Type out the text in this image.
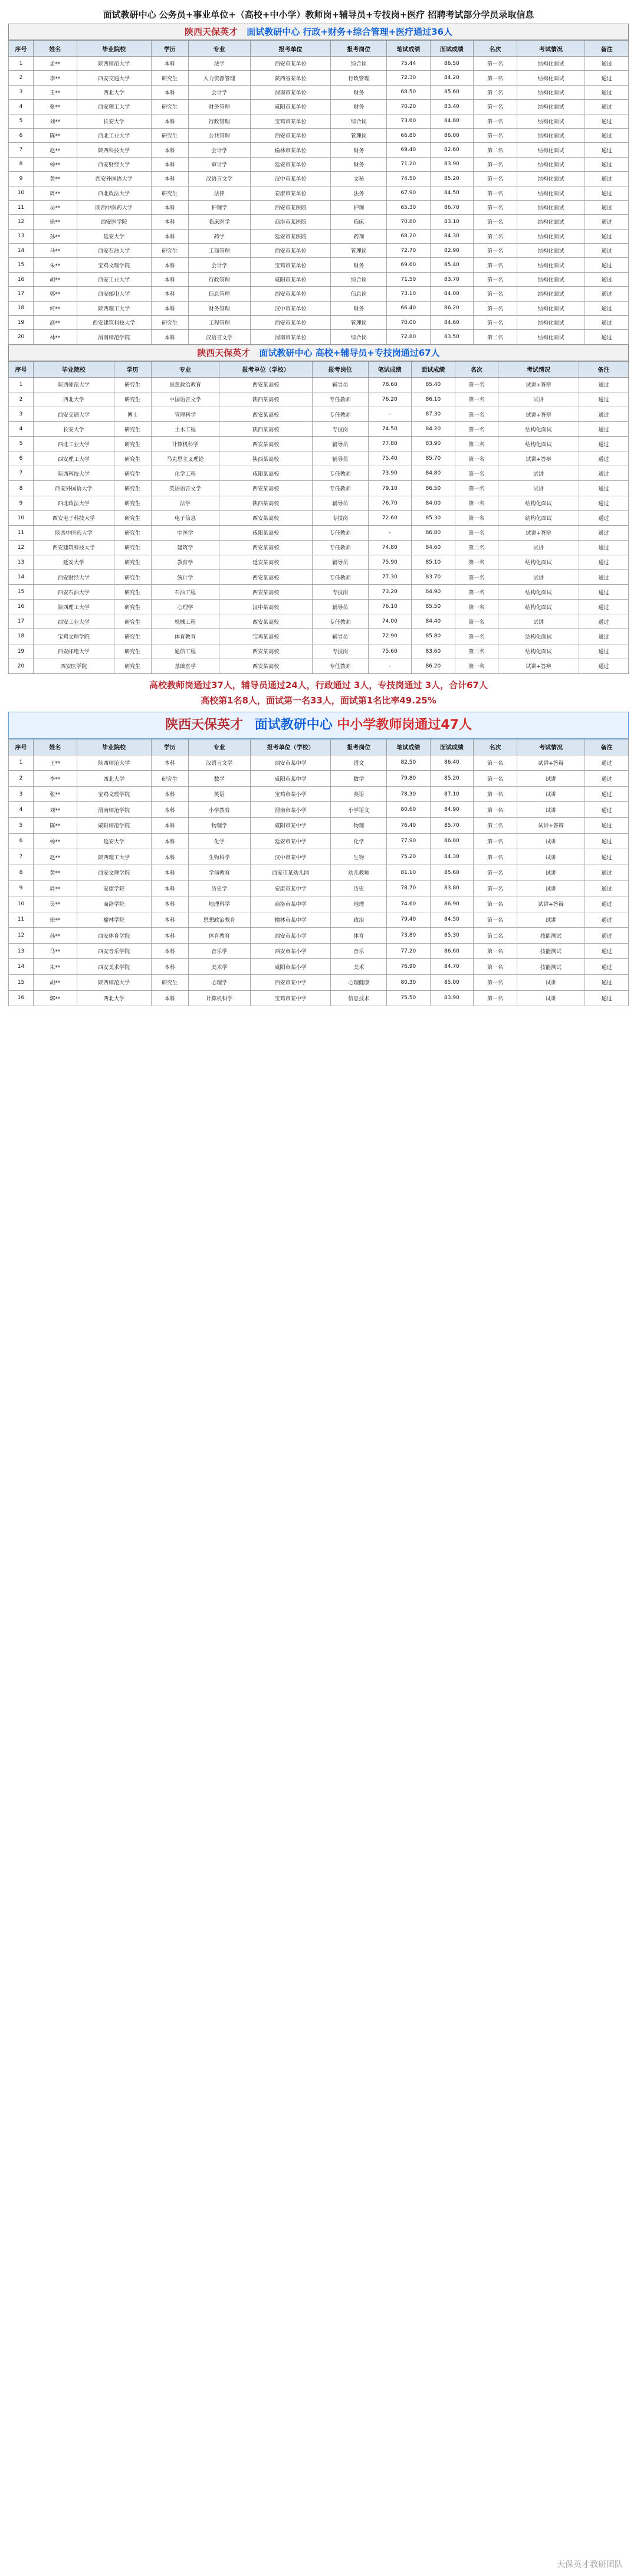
面试教研中心 公务员+事业单位+（高校+中小学）教师岗+辅导员+专技岗+医疗 招聘考试部分学员录取信息
陕西天保英才 面试教研中心 行政+财务+综合管理+医疗通过36人
序号	姓名	毕业院校	学历	专业	报考单位	报考岗位	笔试成绩	面试成绩	名次	考试情况	备注
1	孟**	陕西师范大学	本科	法学	西安市某单位	综合岗	75.44	86.50	第一名	结构化面试	通过
2	李**	西安交通大学	研究生	人力资源管理	陕西省某单位	行政管理	72.30	84.20	第一名	结构化面试	通过
3	王**	西北大学	本科	会计学	渭南市某单位	财务	68.50	85.60	第二名	结构化面试	通过
4	张**	西安理工大学	研究生	财务管理	咸阳市某单位	财务	70.20	83.40	第一名	结构化面试	通过
5	刘**	长安大学	本科	行政管理	宝鸡市某单位	综合岗	73.60	84.80	第一名	结构化面试	通过
6	陈**	西北工业大学	研究生	公共管理	西安市某单位	管理岗	66.80	86.00	第一名	结构化面试	通过
7	赵**	陕西科技大学	本科	会计学	榆林市某单位	财务	69.40	82.60	第二名	结构化面试	通过
8	杨**	西安财经大学	本科	审计学	延安市某单位	财务	71.20	83.90	第一名	结构化面试	通过
9	黄**	西安外国语大学	本科	汉语言文学	汉中市某单位	文秘	74.50	85.20	第一名	结构化面试	通过
10	周**	西北政法大学	研究生	法律	安康市某单位	法务	67.90	84.50	第一名	结构化面试	通过
11	吴**	陕西中医药大学	本科	护理学	西安市某医院	护理	65.30	86.70	第一名	结构化面试	通过
12	徐**	西安医学院	本科	临床医学	商洛市某医院	临床	70.80	83.10	第一名	结构化面试	通过
13	孙**	延安大学	本科	药学	延安市某医院	药剂	68.20	84.30	第二名	结构化面试	通过
14	马**	西安石油大学	研究生	工商管理	西安市某单位	管理岗	72.70	82.90	第一名	结构化面试	通过
15	朱**	宝鸡文理学院	本科	会计学	宝鸡市某单位	财务	69.60	85.40	第一名	结构化面试	通过
16	胡**	西安工业大学	本科	行政管理	咸阳市某单位	综合岗	71.50	83.70	第一名	结构化面试	通过
17	郭**	西安邮电大学	本科	信息管理	西安市某单位	信息岗	73.10	84.00	第一名	结构化面试	通过
18	何**	陕西理工大学	本科	财务管理	汉中市某单位	财务	66.40	86.20	第一名	结构化面试	通过
19	高**	西安建筑科技大学	研究生	工程管理	西安市某单位	管理岗	70.00	84.60	第一名	结构化面试	通过
20	林**	渭南师范学院	本科	汉语言文学	渭南市某单位	综合岗	72.80	83.50	第二名	结构化面试	通过
陕西天保英才 面试教研中心 高校+辅导员+专技岗通过67人
序号	毕业院校	学历	专业	报考单位（学校）	报考岗位	笔试成绩	面试成绩	名次	考试情况	备注
1	陕西师范大学	研究生	思想政治教育	西安某高校	辅导员	78.60	85.40	第一名	试讲+答辩	通过
2	西北大学	研究生	中国语言文学	陕西某高校	专任教师	76.20	86.10	第一名	试讲	通过
3	西安交通大学	博士	管理科学	西安某高校	专任教师	-	87.30	第一名	试讲+答辩	通过
4	长安大学	研究生	土木工程	陕西某高校	专技岗	74.50	84.20	第一名	结构化面试	通过
5	西北工业大学	研究生	计算机科学	西安某高校	辅导员	77.80	83.90	第二名	结构化面试	通过
6	西安理工大学	研究生	马克思主义理论	陕西某高校	辅导员	75.40	85.70	第一名	试讲+答辩	通过
7	陕西科技大学	研究生	化学工程	咸阳某高校	专任教师	73.90	84.80	第一名	试讲	通过
8	西安外国语大学	研究生	英语语言文学	西安某高校	专任教师	79.10	86.50	第一名	试讲	通过
9	西北政法大学	研究生	法学	陕西某高校	辅导员	76.70	84.00	第一名	结构化面试	通过
10	西安电子科技大学	研究生	电子信息	西安某高校	专技岗	72.60	85.30	第一名	结构化面试	通过
11	陕西中医药大学	研究生	中医学	咸阳某高校	专任教师	-	86.80	第一名	试讲+答辩	通过
12	西安建筑科技大学	研究生	建筑学	西安某高校	专任教师	74.80	84.60	第二名	试讲	通过
13	延安大学	研究生	教育学	延安某高校	辅导员	75.90	85.10	第一名	结构化面试	通过
14	西安财经大学	研究生	统计学	西安某高校	专任教师	77.30	83.70	第一名	试讲	通过
15	西安石油大学	研究生	石油工程	西安某高校	专技岗	73.20	84.90	第一名	结构化面试	通过
16	陕西理工大学	研究生	心理学	汉中某高校	辅导员	76.10	85.50	第一名	结构化面试	通过
17	西安工业大学	研究生	机械工程	西安某高校	专任教师	74.00	84.40	第一名	试讲	通过
18	宝鸡文理学院	研究生	体育教育	宝鸡某高校	辅导员	72.90	85.80	第一名	结构化面试	通过
19	西安邮电大学	研究生	通信工程	西安某高校	专技岗	75.60	83.60	第二名	结构化面试	通过
20	西安医学院	研究生	基础医学	西安某高校	专任教师	-	86.20	第一名	试讲+答辩	通过
高校教师岗通过37人，辅导员通过24人，行政通过 3人，专技岗通过 3人，合计67人
高校第1名8人，面试第一名33人，面试第1名比率49.25%
陕西天保英才 面试教研中心 中小学教师岗通过47人
序号	姓名	毕业院校	学历	专业	报考单位（学校）	报考岗位	笔试成绩	面试成绩	名次	考试情况	备注
1	王**	陕西师范大学	本科	汉语言文学	西安市某中学	语文	82.50	86.40	第一名	试讲+答辩	通过
2	李**	西北大学	研究生	数学	咸阳市某中学	数学	79.80	85.20	第一名	试讲	通过
3	张**	宝鸡文理学院	本科	英语	宝鸡市某小学	英语	78.30	87.10	第一名	试讲	通过
4	刘**	渭南师范学院	本科	小学教育	渭南市某小学	小学语文	80.60	84.90	第一名	试讲	通过
5	陈**	咸阳师范学院	本科	物理学	咸阳市某中学	物理	76.40	85.70	第二名	试讲+答辩	通过
6	杨**	延安大学	本科	化学	延安市某中学	化学	77.90	86.00	第一名	试讲	通过
7	赵**	陕西理工大学	本科	生物科学	汉中市某中学	生物	75.20	84.30	第一名	试讲	通过
8	黄**	西安文理学院	本科	学前教育	西安市某幼儿园	幼儿教师	81.10	85.60	第一名	试讲	通过
9	周**	安康学院	本科	历史学	安康市某中学	历史	78.70	83.80	第一名	试讲	通过
10	吴**	商洛学院	本科	地理科学	商洛市某中学	地理	74.60	86.90	第一名	试讲+答辩	通过
11	徐**	榆林学院	本科	思想政治教育	榆林市某中学	政治	79.40	84.50	第一名	试讲	通过
12	孙**	西安体育学院	本科	体育教育	西安市某小学	体育	73.80	85.30	第二名	技能测试	通过
13	马**	西安音乐学院	本科	音乐学	西安市某小学	音乐	77.20	86.60	第一名	技能测试	通过
14	朱**	西安美术学院	本科	美术学	咸阳市某小学	美术	76.90	84.70	第一名	技能测试	通过
15	胡**	陕西师范大学	研究生	心理学	西安市某中学	心理健康	80.30	85.00	第一名	试讲	通过
16	郭**	西北大学	本科	计算机科学	宝鸡市某中学	信息技术	75.50	83.90	第一名	试讲	通过
天保英才教研团队
